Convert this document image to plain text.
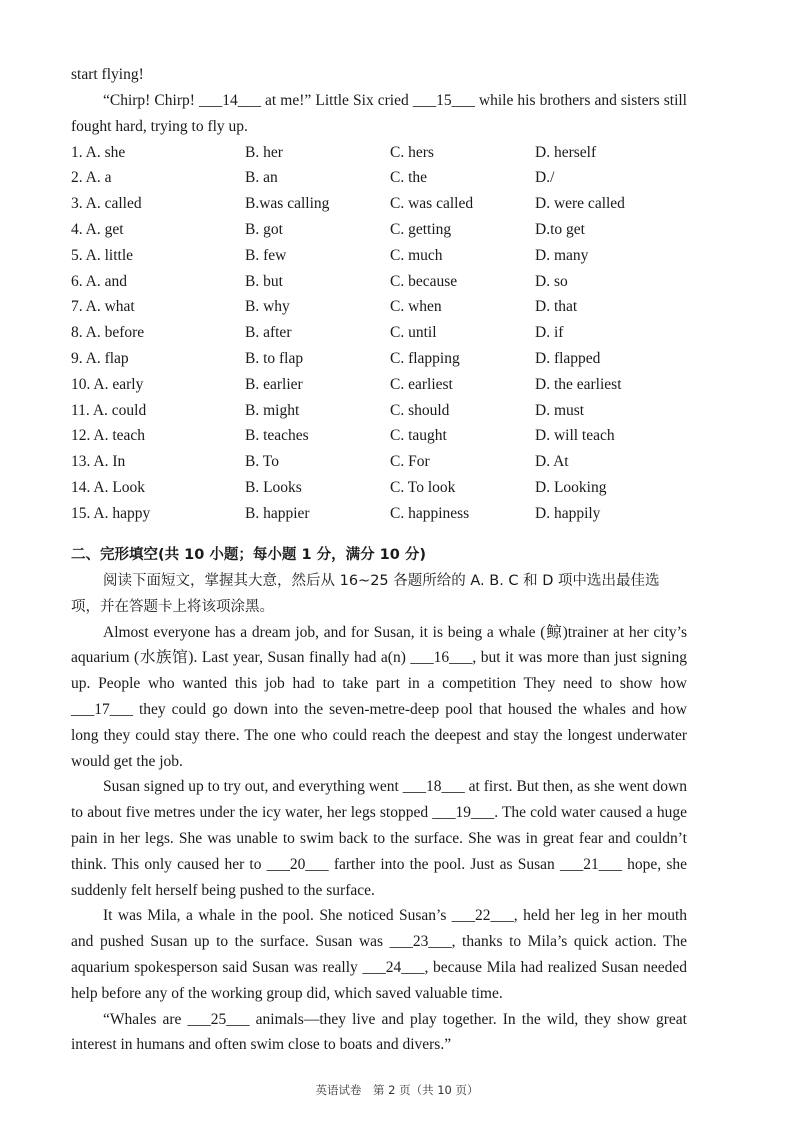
start flying!

“Chirp! Chirp! ___14___ at me!” Little Six cried ___15___ while his brothers and sisters still fought hard, trying to fly up.

1. A. she	B. her	C. hers	D. herself
2. A. a	B. an	C. the	D./
3. A. called	B.was calling	C. was called	D. were called
4. A. get	B. got	C. getting	D.to get
5. A. little	B. few	C. much	D. many
6. A. and	B. but	C. because	D. so
7. A. what	B. why	C. when	D. that
8. A. before	B. after	C. until	D. if
9. A. flap	B. to flap	C. flapping	D. flapped
10. A. early	B. earlier	C. earliest	D. the earliest
11. A. could	B. might	C. should	D. must
12. A. teach	B. teaches	C. taught	D. will teach
13. A. In	B. To	C. For	D. At
14. A. Look	B. Looks	C. To look	D. Looking
15. A. happy	B. happier	C. happiness	D. happily
二、完形填空(共 10 小题；每小题 1 分，满分 10 分)

阅读下面短文，掌握其大意，然后从 16~25 各题所给的 A. B. C 和 D 项中选出最佳选项，并在答题卡上将该项涂黑。

Almost everyone has a dream job, and for Susan, it is being a whale (鲸)trainer at her city’s aquarium (水族馆). Last year, Susan finally had a(n) ___16___, but it was more than just signing up. People who wanted this job had to take part in a competition They need to show how ___17___ they could go down into the seven-metre-deep pool that housed the whales and how long they could stay there. The one who could reach the deepest and stay the longest underwater would get the job.

Susan signed up to try out, and everything went ___18___ at first. But then, as she went down to about five metres under the icy water, her legs stopped ___19___. The cold water caused a huge pain in her legs. She was unable to swim back to the surface. She was in great fear and couldn’t think. This only caused her to ___20___ farther into the pool. Just as Susan ___21___ hope, she suddenly felt herself being pushed to the surface.

It was Mila, a whale in the pool. She noticed Susan’s ___22___, held her leg in her mouth and pushed Susan up to the surface. Susan was ___23___, thanks to Mila’s quick action. The aquarium spokesperson said Susan was really ___24___, because Mila had realized Susan needed help before any of the working group did, which saved valuable time.

“Whales are ___25___ animals—they live and play together. In the wild, they show great interest in humans and often swim close to boats and divers.”

英语试卷　第 2 页（共 10 页）
